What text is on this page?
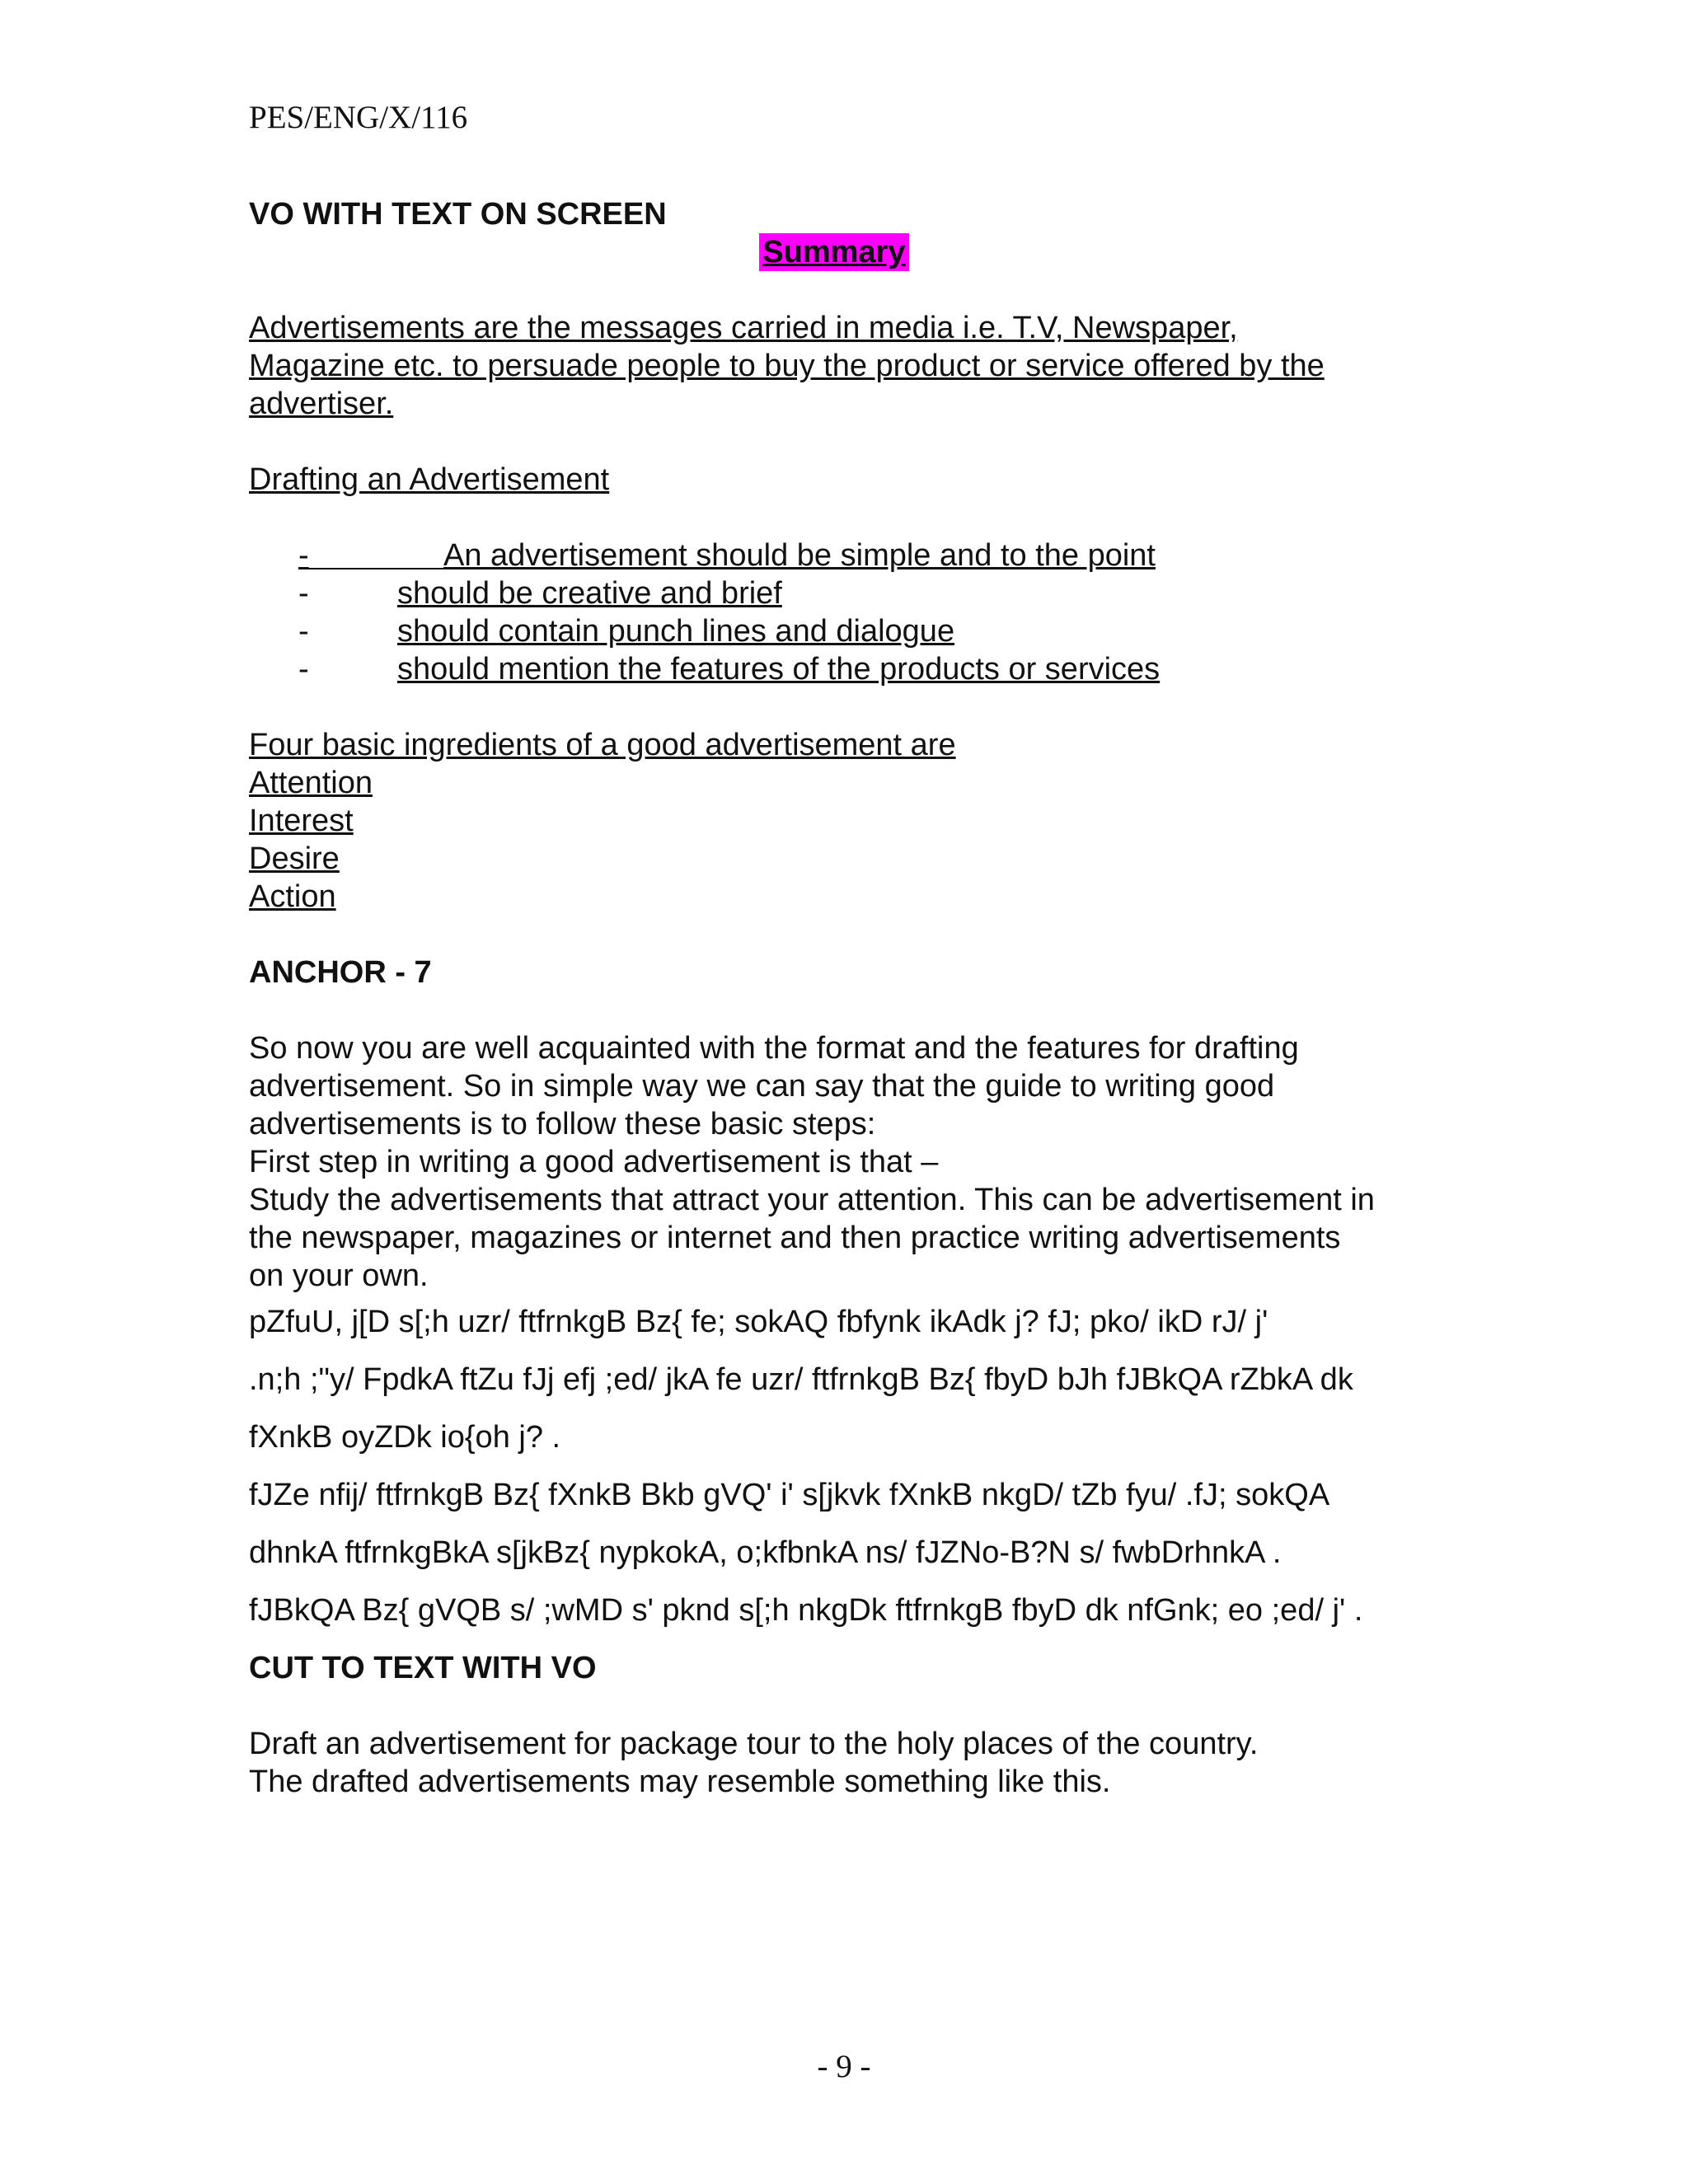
PES/ENG/X/116

VO WITH TEXT ON SCREEN

Summary

Advertisements are the messages carried in media i.e. T.V, Newspaper,

Magazine etc. to persuade people to buy the product or service offered by the

advertiser.

Drafting an Advertisement

-	An advertisement should be simple and to the point
-	should be creative and brief
-	should contain punch lines and dialogue
-	should mention the features of the products or services

Four basic ingredients of a good advertisement are

Attention

Interest

Desire

Action

ANCHOR - 7

So now you are well acquainted with the format and the features for drafting

advertisement. So in simple way we can say that the guide to writing good

advertisements is to follow these basic steps:

First step in writing a good advertisement is that –

Study the advertisements that attract your attention. This can be advertisement in

the newspaper, magazines or internet and then practice writing advertisements

on your own.

pZfuU, j[D s[;h uzr/ ftfrnkgB Bz{ fe; sokAQ fbfynk ikAdk j? fJ; pko/ ikD rJ/ j'

.n;h ;"y/ FpdkA ftZu fJj efj ;ed/ jkA fe uzr/ ftfrnkgB Bz{ fbyD bJh fJBkQA rZbkA dk

fXnkB oyZDk io{oh j? .

fJZe nfij/ ftfrnkgB Bz{ fXnkB Bkb gVQ' i' s[jkvk fXnkB nkgD/ tZb fyu/ .fJ; sokQA

dhnkA ftfrnkgBkA s[jkBz{ nypkokA, o;kfbnkA ns/ fJZNo-B?N s/ fwbDrhnkA .

fJBkQA Bz{ gVQB s/ ;wMD s' pknd s[;h nkgDk ftfrnkgB fbyD dk nfGnk; eo ;ed/ j' .

CUT TO TEXT WITH VO

Draft an advertisement for package tour to the holy places of the country.

The drafted advertisements may resemble something like this.

- 9 -
